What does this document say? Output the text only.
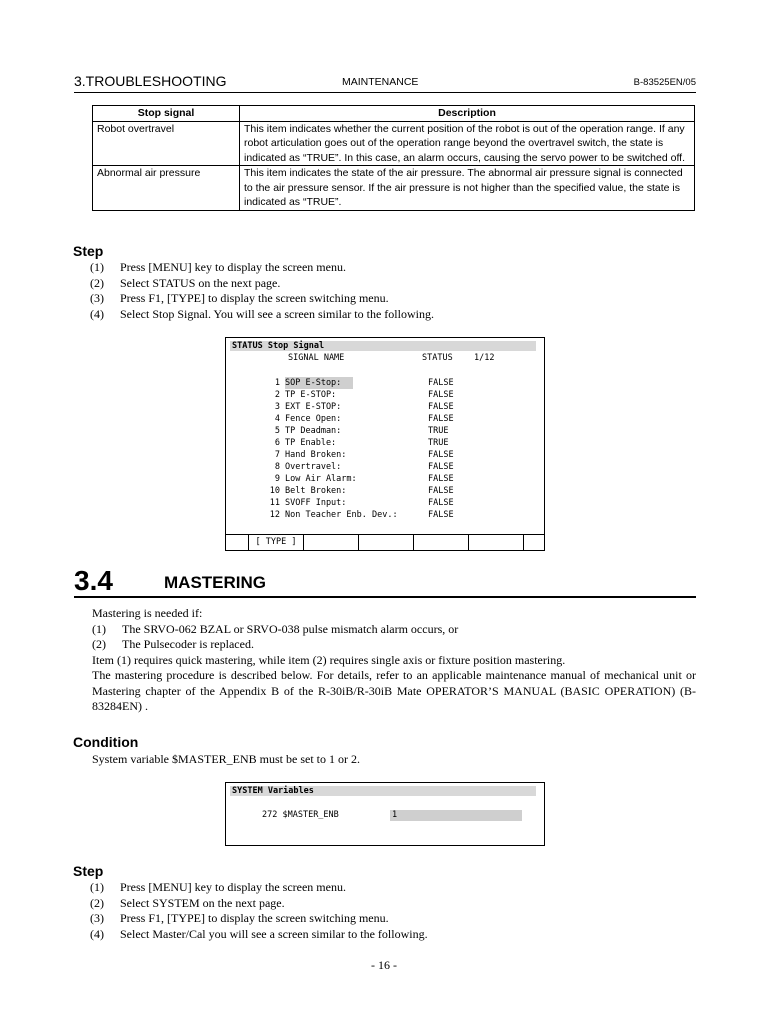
3.TROUBLESHOOTING	MAINTENANCE	B-83525EN/05
Stop signal	Description
Robot overtravel	This item indicates whether the current position of the robot is out of the operation range. If any robot articulation goes out of the operation range beyond the overtravel switch, the state is indicated as “TRUE”. In this case, an alarm occurs, causing the servo power to be switched off.
Abnormal air pressure	This item indicates the state of the air pressure. The abnormal air pressure signal is connected to the air pressure sensor. If the air pressure is not higher than the specified value, the state is indicated as “TRUE”.
Step
(1)	Press [MENU] key to display the screen menu.
(2)	Select STATUS on the next page.
(3)	Press F1, [TYPE] to display the screen switching menu.
(4)	Select Stop Signal. You will see a screen similar to the following.
STATUS Stop Signal
SIGNAL NAME	STATUS	1/12
1 SOP E-Stop:	FALSE
2 TP E-STOP:	FALSE
3 EXT E-STOP:	FALSE
4 Fence Open:	FALSE
5 TP Deadman:	TRUE
6 TP Enable:	TRUE
7 Hand Broken:	FALSE
8 Overtravel:	FALSE
9 Low Air Alarm:	FALSE
10 Belt Broken:	FALSE
11 SVOFF Input:	FALSE
12 Non Teacher Enb. Dev.:	FALSE
[ TYPE ]
3.4	MASTERING
Mastering is needed if:
(1)	The SRVO-062 BZAL or SRVO-038 pulse mismatch alarm occurs, or
(2)	The Pulsecoder is replaced.
Item (1) requires quick mastering, while item (2) requires single axis or fixture position mastering.
The mastering procedure is described below. For details, refer to an applicable maintenance manual of mechanical unit or Mastering chapter of the Appendix B of the R-30iB/R-30iB Mate OPERATOR’S MANUAL (BASIC OPERATION) (B-83284EN) .
Condition
System variable $MASTER_ENB must be set to 1 or 2.
SYSTEM Variables
272 $MASTER_ENB	1
Step
(1)	Press [MENU] key to display the screen menu.
(2)	Select SYSTEM on the next page.
(3)	Press F1, [TYPE] to display the screen switching menu.
(4)	Select Master/Cal you will see a screen similar to the following.
- 16 -
